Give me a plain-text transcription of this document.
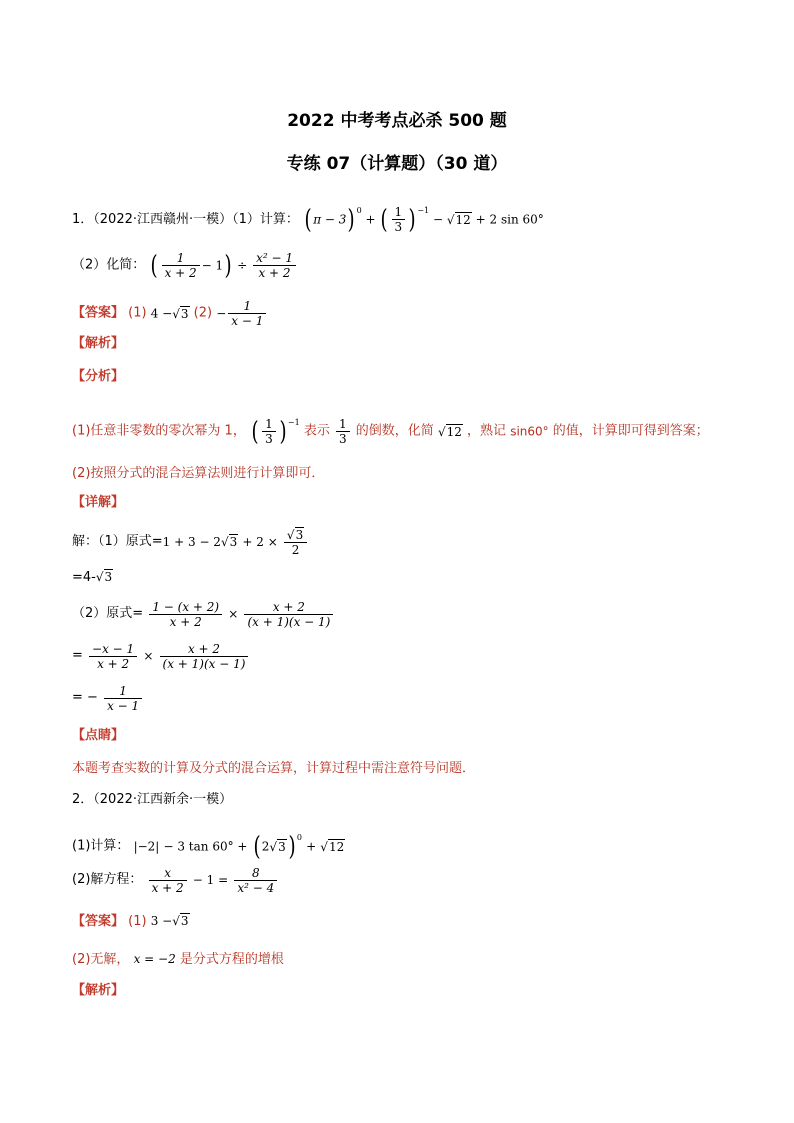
2022 中考考点必杀 500 题
专练 07（计算题）（30 道）
1．（2022·江西赣州·一模）（1）计算： ( π − 3) $^0$ + ( $\frac{1}{3}$ ) $^{-1}$ − √12 + 2 sin 60°
（2）化简： ( $\frac{1}{x + 2} - 1) \div \frac{\text{x² − 1}}{x + 2}$
【答案】 (1) 4 −√3 $(2) - \frac{1}{x - 1}$
【解析】
【分析】
(1)任意非零数的零次幂为 1， ( $\frac{1}{3}$ ) $^{-1}$ 表示 $\frac{1}{3}$ 的倒数，化简 √12 ，熟记 sin60° 的值，计算即可得到答案；
(2)按照分式的混合运算法则进行计算即可．
【详解】
解：（1）原式$=1 + 3 - 2√3 + 2 \times \frac{√3}{2}$
=4-√3
（2）原式= $\frac{1 - (x + 2)}{x + 2} \times \frac{x + 2}{(x + 1)(x - 1)}$
= $\frac{-x - 1}{x + 2} \times \frac{x + 2}{(x + 1)(x - 1)}$
= − $\frac{1}{x - 1}$
【点睛】
本题考查实数的计算及分式的混合运算，计算过程中需注意符号问题．
2．（2022·江西新余·一模）
(1)计算： |−2| − 3 tan 60° + ( 2√3) $^0$ + √12
(2)解方程： $\frac{x}{x + 2} - 1 = \frac{8}{\text{x² − 4}}$
【答案】 (1) 3 −√3
(2)无解， x = −2 是分式方程的增根
【解析】
